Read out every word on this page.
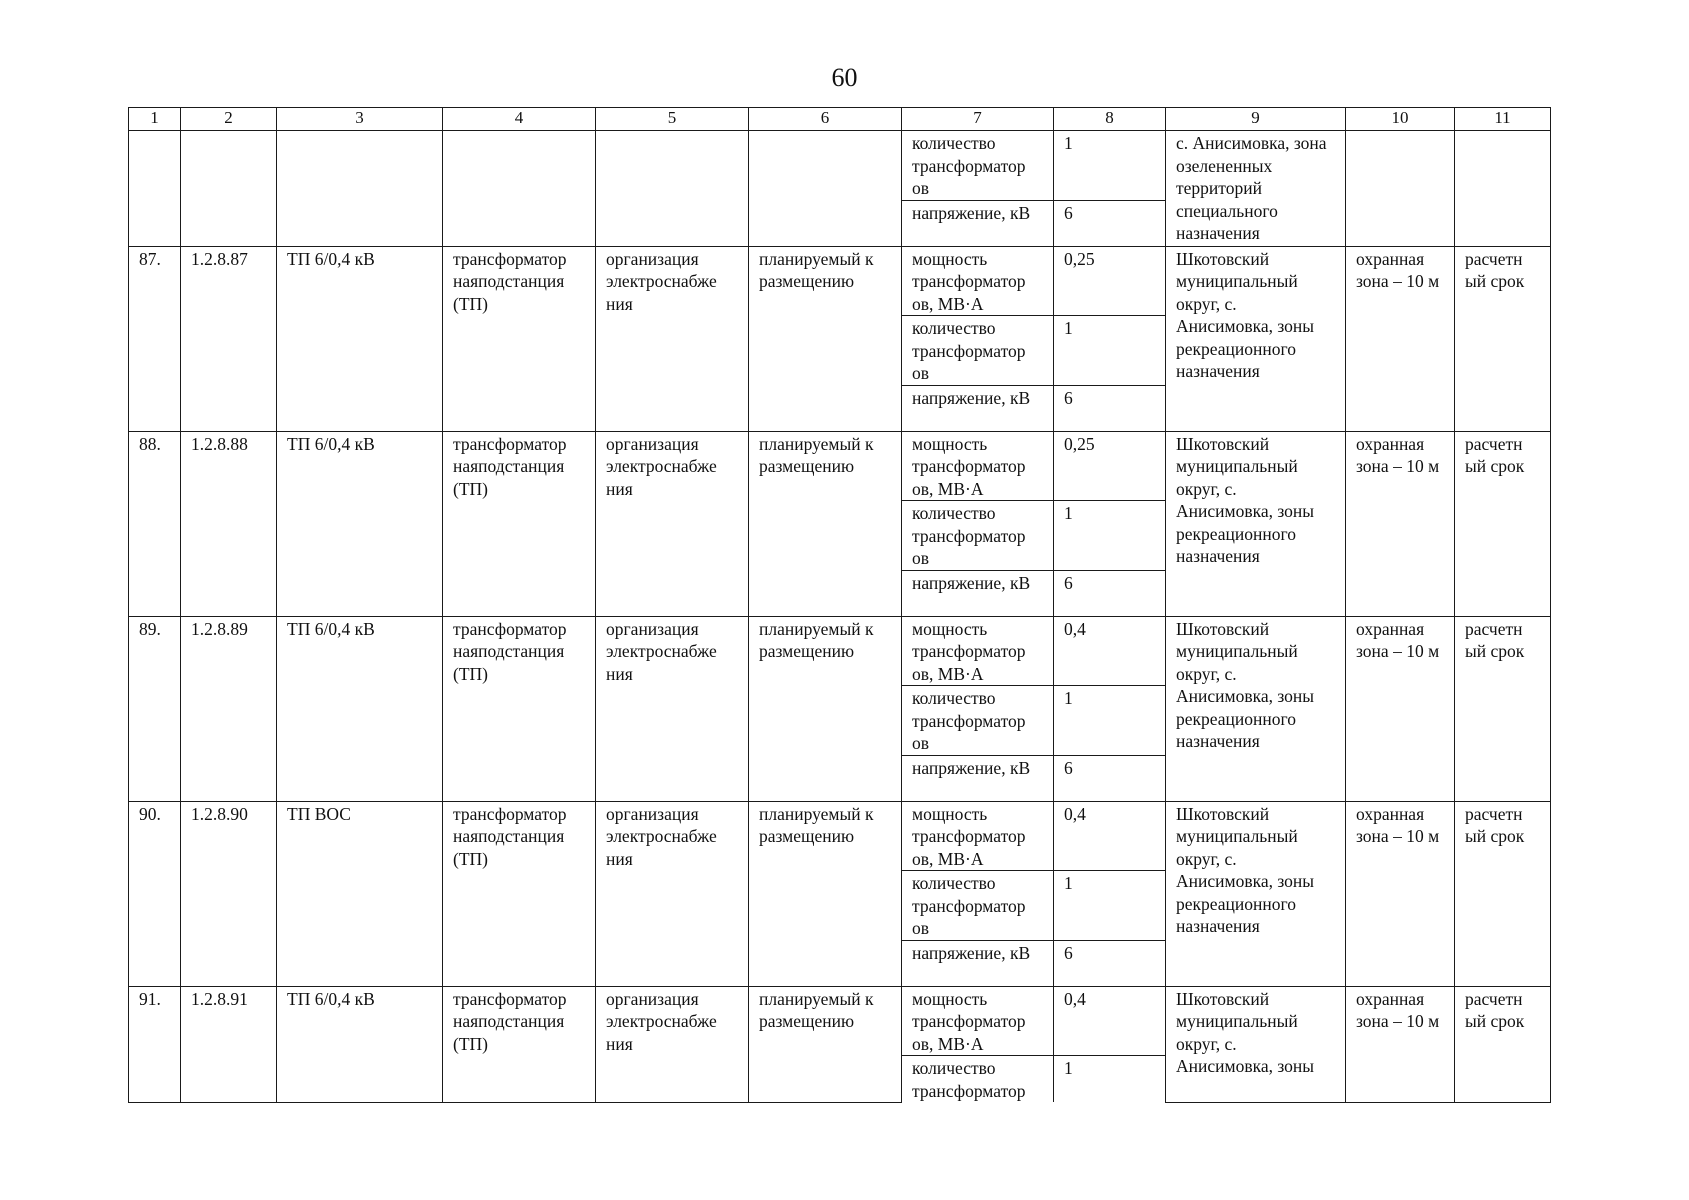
60
1	2	3	4	5	6	7	8	9	10	11
						количество трансформатор ов	1	с. Анисимовка, зона озелененных территорий специального назначения		
						напряжение, кВ	6			
87.	1.2.8.87	ТП 6/0,4 кВ	трансформатор наяподстанция (ТП)	организация электроснабже ния	планируемый к размещению	мощность трансформатор ов, МВ·А	0,25	Шкотовский муниципальный округ, с. Анисимовка, зоны рекреационного назначения	охранная зона – 10 м	расчетн ый срок
						количество трансформатор ов	1			
						напряжение, кВ	6			
88.	1.2.8.88	ТП 6/0,4 кВ	трансформатор наяподстанция (ТП)	организация электроснабже ния	планируемый к размещению	мощность трансформатор ов, МВ·А	0,25	Шкотовский муниципальный округ, с. Анисимовка, зоны рекреационного назначения	охранная зона – 10 м	расчетн ый срок
						количество трансформатор ов	1			
						напряжение, кВ	6			
89.	1.2.8.89	ТП 6/0,4 кВ	трансформатор наяподстанция (ТП)	организация электроснабже ния	планируемый к размещению	мощность трансформатор ов, МВ·А	0,4	Шкотовский муниципальный округ, с. Анисимовка, зоны рекреационного назначения	охранная зона – 10 м	расчетн ый срок
						количество трансформатор ов	1			
						напряжение, кВ	6			
90.	1.2.8.90	ТП ВОС	трансформатор наяподстанция (ТП)	организация электроснабже ния	планируемый к размещению	мощность трансформатор ов, МВ·А	0,4	Шкотовский муниципальный округ, с. Анисимовка, зоны рекреационного назначения	охранная зона – 10 м	расчетн ый срок
						количество трансформатор ов	1			
						напряжение, кВ	6			
91.	1.2.8.91	ТП 6/0,4 кВ	трансформатор наяподстанция (ТП)	организация электроснабже ния	планируемый к размещению	мощность трансформатор ов, МВ·А	0,4	Шкотовский муниципальный округ, с. Анисимовка, зоны	охранная зона – 10 м	расчетн ый срок
						количество трансформатор	1			
